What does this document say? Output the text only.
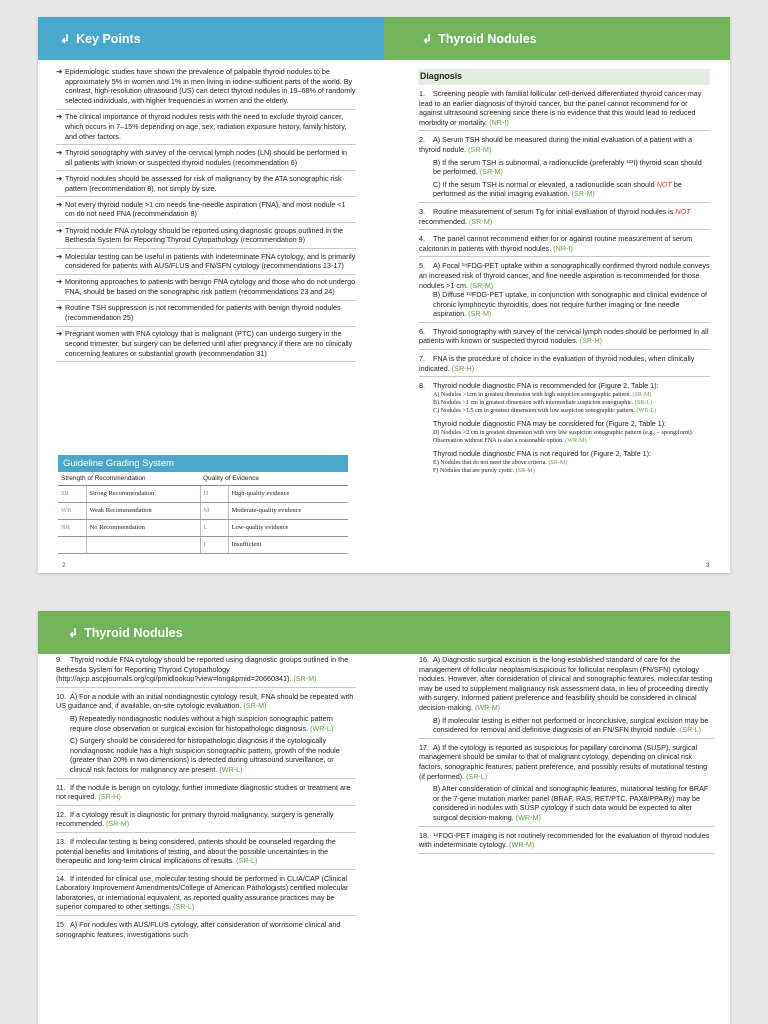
↲ Key Points	↲ Thyroid Nodules
➔ Epidemiologic studies have shown the prevalence of palpable thyroid nodules to be approximately 5% in women and 1% in men living in iodine-sufficient parts of the world. By contrast, high-resolution ultrasound (US) can detect thyroid nodules in 19–68% of randomly selected individuals, with higher frequencies in women and the elderly.
➔ The clinical importance of thyroid nodules rests with the need to exclude thyroid cancer, which occurs in 7–15% depending on age, sex, radiation exposure history, family history, and other factors.
➔ Thyroid sonography with survey of the cervical lymph nodes (LN) should be performed in all patients with known or suspected thyroid nodules (recommendation 6)
➔ Thyroid nodules should be assessed for risk of malignancy by the ATA sonographic risk pattern (recommendation 8), not simply by size.
➔ Not every thyroid nodule >1 cm needs fine-needle aspiration (FNA), and most nodule <1 cm do not need FNA (recommendation 8)
➔ Thyroid nodule FNA cytology should be reported using diagnostic groups outlined in the Bethesda System for Reporting Thyroid Cytopathology (recommendation 9)
➔ Molecular testing can be useful in patients with indeterminate FNA cytology, and is primarily considered for patients with AUS/FLUS and FN/SFN cytology (recommendations 13-17)
➔ Monitoring approaches to patients with benign FNA cytology and those who do not undergo FNA, should be based on the sonographic risk pattern (recommendations 23 and 24)
➔ Routine TSH suppression is not recommended for patients with benign thyroid nodules (recommendation 25)
➔ Pregnant women with FNA cytology that is malignant (PTC) can undergo surgery in the second trimester, but surgery can be deferred until after pregnancy if there are no clinically concerning features or substantial growth (recommendation 31)
Guideline Grading System
Strength of Recommendation		Quality of Evidence	
SR	Strong Recommendation	H	High-quality evidence
WR	Weak Recommendation	M	Moderate-quality evidence
NR	No Recommendation	L	Low-quality evidence
		I	Insufficient
Diagnosis
1. Screening people with familial follicular cell-derived differentiated thyroid cancer may lead to an earlier diagnosis of thyroid cancer, but the panel cannot recommend for or against ultrasound screening since there is no evidence that this would lead to reduced morbidity or mortality. (NR-I)
2. A) Serum TSH should be measured during the initial evaluation of a patient with a thyroid nodule. (SR-M)
B) If the serum TSH is subnormal, a radionuclide (preferably ¹²³I) thyroid scan should be performed. (SR-M)
C) If the serum TSH is normal or elevated, a radionuclide scan should NOT be performed as the initial imaging evaluation. (SR-M)
3. Routine measurement of serum Tg for initial evaluation of thyroid nodules is NOT recommended. (SR-M)
4. The panel cannot recommend either for or against routine measurement of serum calcitonin in patients with thyroid nodules. (NR-I)
5. A) Focal ¹⁸FDG-PET uptake within a sonographically confirmed thyroid nodule conveys an increased risk of thyroid cancer, and fine needle aspiration is recommended for those nodules >1 cm. (SR-M)
B) Diffuse ¹⁸FDG-PET uptake, in conjunction with sonographic and clinical evidence of chronic lymphocytic thyroiditis, does not require further imaging or fine needle aspiration. (SR-M)
6. Thyroid sonography with survey of the cervical lymph nodes should be performed in all patients with known or suspected thyroid nodules. (SR-H)
7. FNA is the procedure of choice in the evaluation of thyroid nodules, when clinically indicated. (SR-H)
8. Thyroid nodule diagnostic FNA is recommended for (Figure 2, Table 1):
A) Nodules >1cm in greatest dimension with high suspicion sonographic pattern. (SR-M)
B) Nodules >1 cm in greatest dimension with intermediate suspicion sonographic. (SR-L)
C) Nodules >1.5 cm in greatest dimension with low suspicion sonographic pattern. (WR-L)
Thyroid nodule diagnostic FNA may be considered for (Figure 2, Table 1):
D) Nodules >2 cm in greatest dimension with very low suspicion sonographic pattern (e.g., – spongiform). Observation without FNA is also a reasonable option. (WR-M)
Thyroid nodule diagnostic FNA is not required for (Figure 2, Table 1):
E) Nodules that do not meet the above criteria. (SR-M)
F) Nodules that are purely cystic. (SR-M)
2	3
↲ Thyroid Nodules
9. Thyroid nodule FNA cytology should be reported using diagnostic groups outlined in the Bethesda System for Reporting Thyroid Cytopathology (http://ajcp.ascpjournals.org/cgi/pmidlookup?view=long&pmid=20660341). (SR-M)
10. A) For a nodule with an initial nondiagnostic cytology result, FNA should be repeated with US guidance and, if available, on-site cytologic evaluation. (SR-M)
B) Repeatedly nondiagnostic nodules without a high suspicion sonographic pattern require close observation or surgical excision for histopathologic diagnosis. (WR-L)
C) Surgery should be considered for histopathologic diagnosis if the cytologically nondiagnostic nodule has a high suspicion sonographic pattern, growth of the nodule (greater than 20% in two dimensions) is detected during ultrasound surveillance, or clinical risk factors for malignancy are present. (WR-L)
11. If the nodule is benign on cytology, further immediate diagnostic studies or treatment are not required. (SR-H)
12. If a cytology result is diagnostic for primary thyroid malignancy, surgery is generally recommended. (SR-M)
13. If molecular testing is being considered, patients should be counseled regarding the potential benefits and limitations of testing, and about the possible uncertainties in the therapeutic and long-term clinical implications of results. (SR-L)
14. If intended for clinical use, molecular testing should be performed in CLIA/CAP (Clinical Laboratory Improvement Amendments/College of American Pathologists) certified molecular laboratories, or international equivalent, as reported quality assurance practices may be superior compared to other settings. (SR-L)
15. A) For nodules with AUS/FLUS cytology, after consideration of worrisome clinical and sonographic features, investigations such
16. A) Diagnostic surgical excision is the long-established standard of care for the management of follicular neoplasm/suspicious for follicular neoplasm (FN/SFN) cytology nodules. However, after consideration of clinical and sonographic features, molecular testing may be used to supplement malignancy risk assessment data, in lieu of proceeding directly with surgery. Informed patient preference and feasibility should be considered in clinical decision-making. (WR-M)
B) If molecular testing is either not performed or inconclusive, surgical excision may be considered for removal and definitive diagnosis of an FN/SFN thyroid nodule. (SR-L)
17. A) If the cytology is reported as suspicious for papillary carcinoma (SUSP), surgical management should be similar to that of malignant cytology, depending on clinical risk factors, sonographic features, patient preference, and possibly results of mutational testing (if performed). (SR-L)
B) After consideration of clinical and sonographic features, mutational testing for BRAF or the 7-gene mutation marker panel (BRAF, RAS, RET/PTC, PAX8/PPARγ) may be considered in nodules with SUSP cytology if such data would be expected to alter surgical decision-making. (WR-M)
18. ¹⁸FDG-PET imaging is not routinely recommended for the evaluation of thyroid nodules with indeterminate cytology. (WR-M)
